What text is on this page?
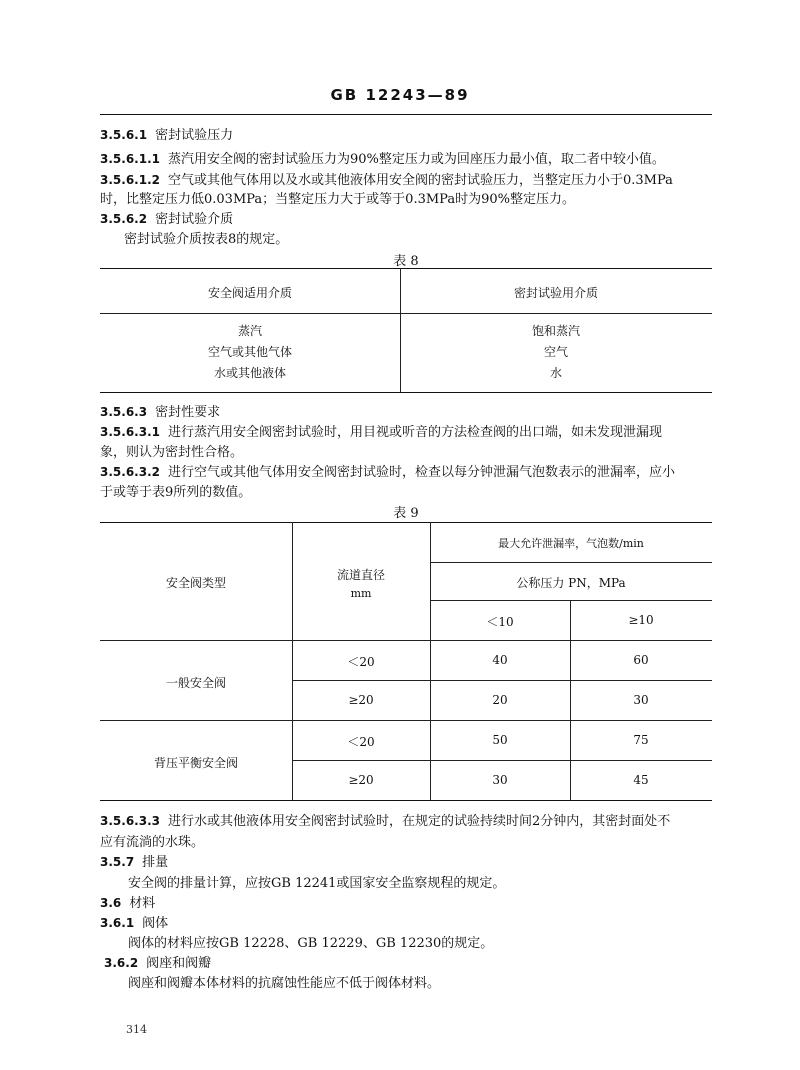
GB 12243—89
3.5.6.1 密封试验压力
3.5.6.1.1 蒸汽用安全阀的密封试验压力为90%整定压力或为回座压力最小值，取二者中较小值。
3.5.6.1.2 空气或其他气体用以及水或其他液体用安全阀的密封试验压力，当整定压力小于0.3MPa
时，比整定压力低0.03MPa；当整定压力大于或等于0.3MPa时为90%整定压力。
3.5.6.2 密封试验介质
密封试验介质按表8的规定。
表 8
安全阀适用介质	密封试验用介质
蒸汽	饱和蒸汽
空气或其他气体	空气
水或其他液体	水
3.5.6.3 密封性要求
3.5.6.3.1 进行蒸汽用安全阀密封试验时，用目视或听音的方法检查阀的出口端，如未发现泄漏现
象，则认为密封性合格。
3.5.6.3.2 进行空气或其他气体用安全阀密封试验时，检查以每分钟泄漏气泡数表示的泄漏率，应小
于或等于表9所列的数值。
表 9
安全阀类型
流道直径
mm
最大允许泄漏率，气泡数/min
公称压力 PN，MPa
＜10	≥10
一般安全阀
＜20	40	60
≥20	20	30
背压平衡安全阀
＜20	50	75
≥20	30	45
3.5.6.3.3 进行水或其他液体用安全阀密封试验时，在规定的试验持续时间2分钟内，其密封面处不
应有流淌的水珠。
3.5.7 排量
安全阀的排量计算，应按GB 12241或国家安全监察规程的规定。
3.6 材料
3.6.1 阀体
阀体的材料应按GB 12228、GB 12229、GB 12230的规定。
3.6.2 阀座和阀瓣
阀座和阀瓣本体材料的抗腐蚀性能应不低于阀体材料。
314
